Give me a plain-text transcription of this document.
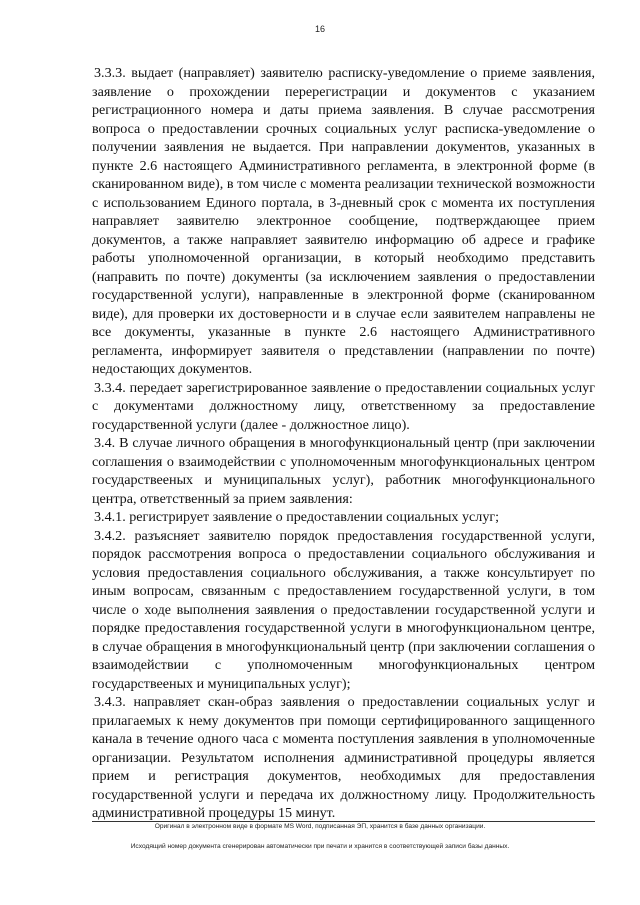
16

3.3.3. выдает (направляет) заявителю расписку-уведомление о приеме заявления, заявление о прохождении перерегистрации и документов с указанием регистрационного номера и даты приема заявления. В случае рассмотрения вопроса о предоставлении срочных социальных услуг расписка-уведомление о получении заявления не выдается. При направлении документов, указанных в пункте 2.6 настоящего Административного регламента, в электронной форме (в сканированном виде), в том числе с момента реализации технической возможности с использованием Единого портала, в 3-дневный срок с момента их поступления направляет заявителю электронное сообщение, подтверждающее прием документов, а также направляет заявителю информацию об адресе и графике работы уполномоченной организации, в который необходимо представить (направить по почте) документы (за исключением заявления о предоставлении государственной услуги), направленные в электронной форме (сканированном виде), для проверки их достоверности и в случае если заявителем направлены не все документы, указанные в пункте 2.6 настоящего Административного регламента, информирует заявителя о представлении (направлении по почте) недостающих документов.

3.3.4. передает зарегистрированное заявление о предоставлении социальных услуг с документами должностному лицу, ответственному за предоставление государственной услуги (далее - должностное лицо).

3.4. В случае личного обращения в многофункциональный центр (при заключении соглашения о взаимодействии с уполномоченным многофункциональных центром государствееных и муниципальных услуг), работник многофункционального центра, ответственный за прием заявления:

3.4.1. регистрирует заявление о предоставлении социальных услуг;

3.4.2. разъясняет заявителю порядок предоставления государственной услуги, порядок рассмотрения вопроса о предоставлении социального обслуживания и условия предоставления социального обслуживания, а также консультирует по иным вопросам, связанным с предоставлением государственной услуги, в том числе о ходе выполнения заявления о предоставлении государственной услуги и порядке предоставления государственной услуги в многофункциональном центре, в случае обращения в многофункциональный центр (при заключении соглашения о взаимодействии с уполномоченным многофункциональных центром государствееных и муниципальных услуг);

3.4.3. направляет скан-образ заявления о предоставлении социальных услуг и прилагаемых к нему документов при помощи сертифицированного защищенного канала в течение одного часа с момента поступления заявления в уполномоченные организации. Результатом исполнения административной процедуры является прием и регистрация документов, необходимых для предоставления государственной услуги и передача их должностному лицу. Продолжительность административной процедуры 15 минут.

Оригинал в электронном виде в формате MS Word, подписанная ЭП, хранится в базе данных организации.
Исходящий номер документа сгенерирован автоматически при печати и хранится в соответствующей записи базы данных.
